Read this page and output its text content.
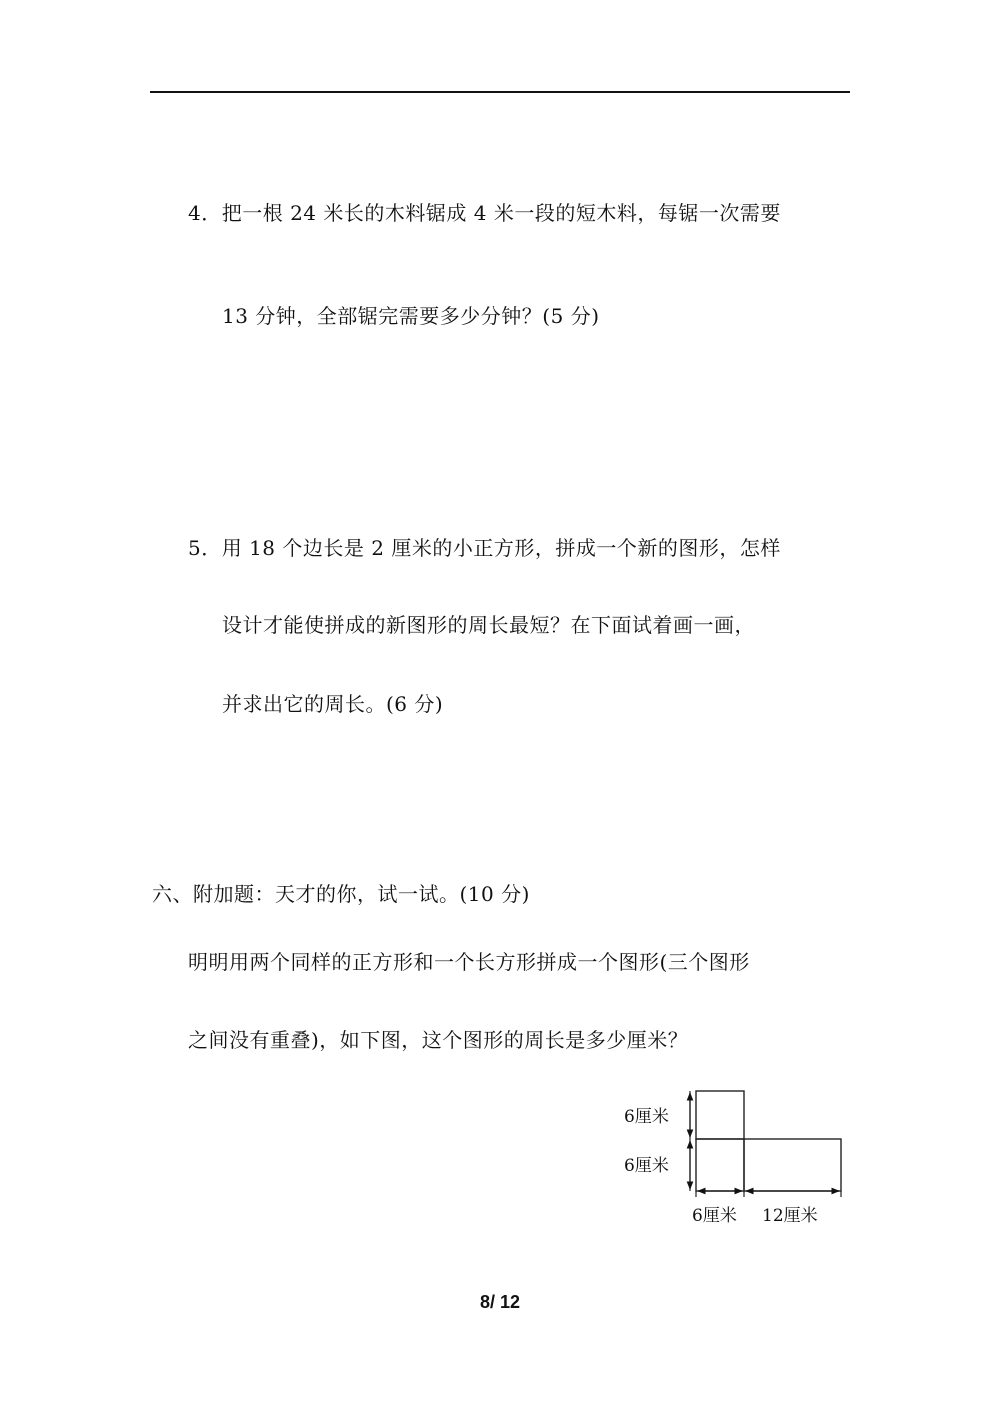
4．把一根 24 米长的木料锯成 4 米一段的短木料，每锯一次需要
13 分钟，全部锯完需要多少分钟？(5 分)
5．用 18 个边长是 2 厘米的小正方形，拼成一个新的图形，怎样
设计才能使拼成的新图形的周长最短？在下面试着画一画，
并求出它的周长。(6 分)
六、附加题：天才的你，试一试。(10 分)
明明用两个同样的正方形和一个长方形拼成一个图形(三个图形
之间没有重叠)，如下图，这个图形的周长是多少厘米？
6厘米
6厘米
6厘米 12厘米
8/ 12
